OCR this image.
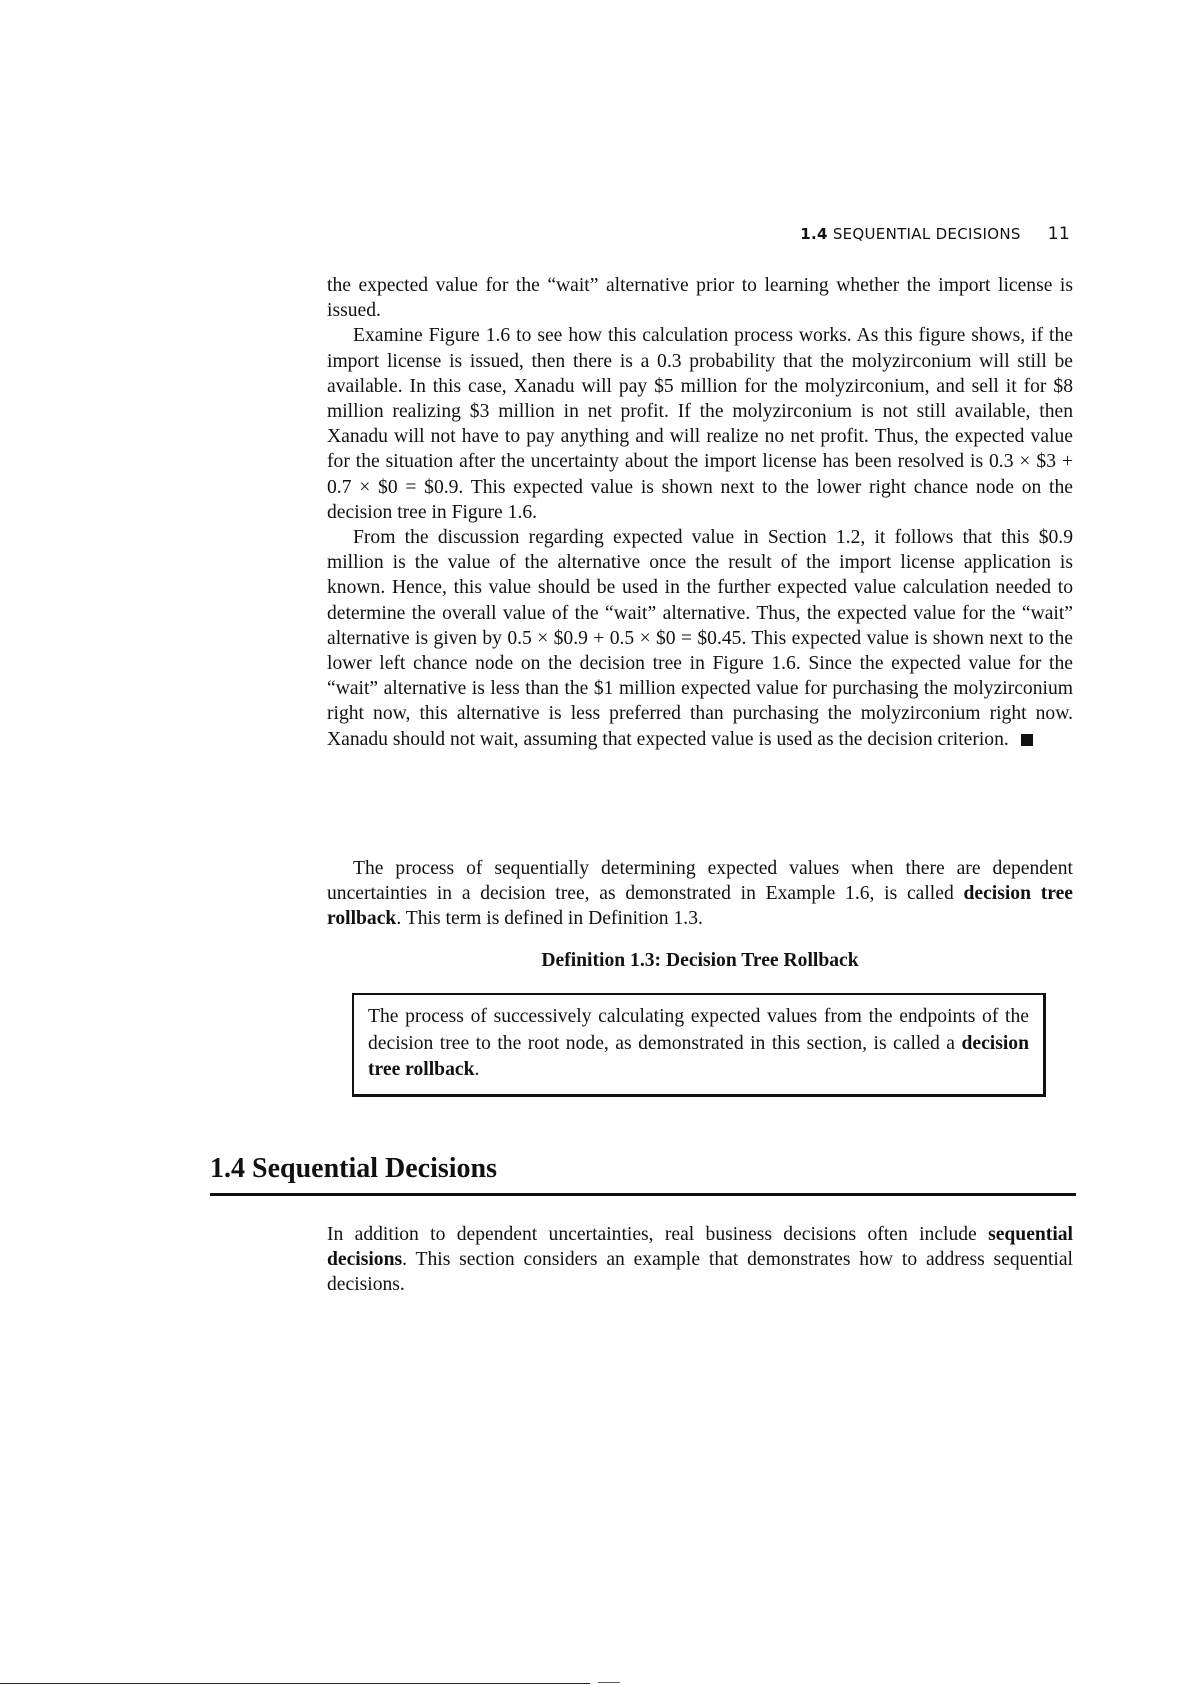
1.4 SEQUENTIAL DECISIONS 11

the expected value for the “wait” alternative prior to learning whether the import license is issued.

Examine Figure 1.6 to see how this calculation process works. As this figure shows, if the import license is issued, then there is a 0.3 probability that the molyzirconium will still be available. In this case, Xanadu will pay $5 million for the molyzirconium, and sell it for $8 million realizing $3 million in net profit. If the molyzirconium is not still available, then Xanadu will not have to pay anything and will realize no net profit. Thus, the expected value for the situation after the uncertainty about the import license has been resolved is 0.3 × $3 + 0.7 × $0 = $0.9. This expected value is shown next to the lower right chance node on the decision tree in Figure 1.6.

From the discussion regarding expected value in Section 1.2, it follows that this $0.9 million is the value of the alternative once the result of the import license application is known. Hence, this value should be used in the further expected value calculation needed to determine the overall value of the “wait” alternative. Thus, the expected value for the “wait” alternative is given by 0.5 × $0.9 + 0.5 × $0 = $0.45. This expected value is shown next to the lower left chance node on the decision tree in Figure 1.6. Since the expected value for the “wait” alternative is less than the $1 million expected value for purchasing the molyzirconium right now, this alternative is less preferred than purchasing the molyzirconium right now. Xanadu should not wait, assuming that expected value is used as the decision criterion.

The process of sequentially determining expected values when there are dependent uncertainties in a decision tree, as demonstrated in Example 1.6, is called decision tree rollback. This term is defined in Definition 1.3.

Definition 1.3: Decision Tree Rollback
The process of successively calculating expected values from the endpoints of the decision tree to the root node, as demonstrated in this section, is called a decision tree rollback.
1.4 Sequential Decisions

In addition to dependent uncertainties, real business decisions often include sequential decisions. This section considers an example that demonstrates how to address sequential decisions.
